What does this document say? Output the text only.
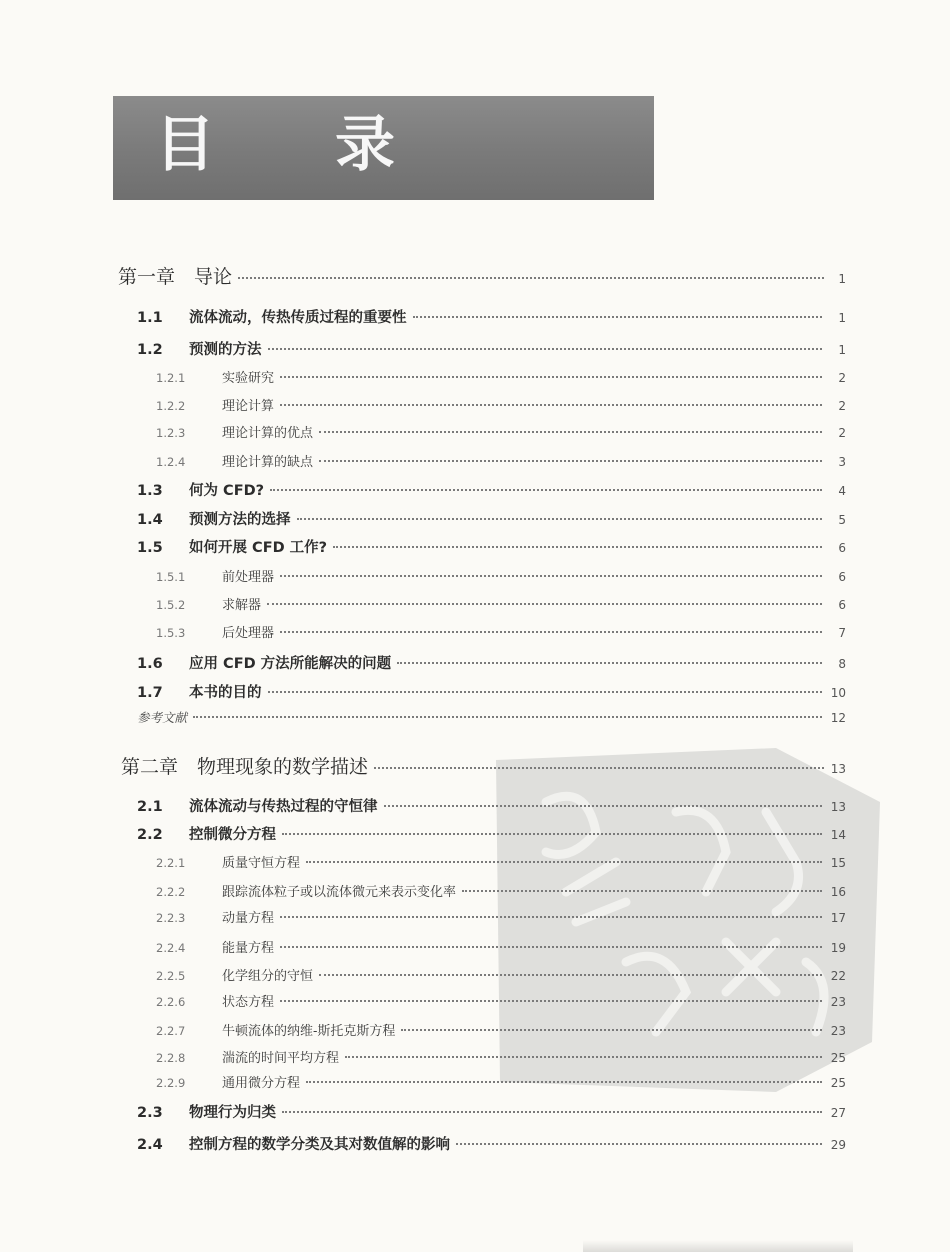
目 录
第一章 导论	1
1.1	流体流动，传热传质过程的重要性	1
1.2	预测的方法	1
1.2.1	实验研究	2
1.2.2	理论计算	2
1.2.3	理论计算的优点	2
1.2.4	理论计算的缺点	3
1.3	何为 CFD?	4
1.4	预测方法的选择	5
1.5	如何开展 CFD 工作?	6
1.5.1	前处理器	6
1.5.2	求解器	6
1.5.3	后处理器	7
1.6	应用 CFD 方法所能解决的问题	8
1.7	本书的目的	10
参考文献	12
第二章 物理现象的数学描述	13
2.1	流体流动与传热过程的守恒律	13
2.2	控制微分方程	14
2.2.1	质量守恒方程	15
2.2.2	跟踪流体粒子或以流体微元来表示变化率	16
2.2.3	动量方程	17
2.2.4	能量方程	19
2.2.5	化学组分的守恒	22
2.2.6	状态方程	23
2.2.7	牛顿流体的纳维-斯托克斯方程	23
2.2.8	湍流的时间平均方程	25
2.2.9	通用微分方程	25
2.3	物理行为归类	27
2.4	控制方程的数学分类及其对数值解的影响	29
